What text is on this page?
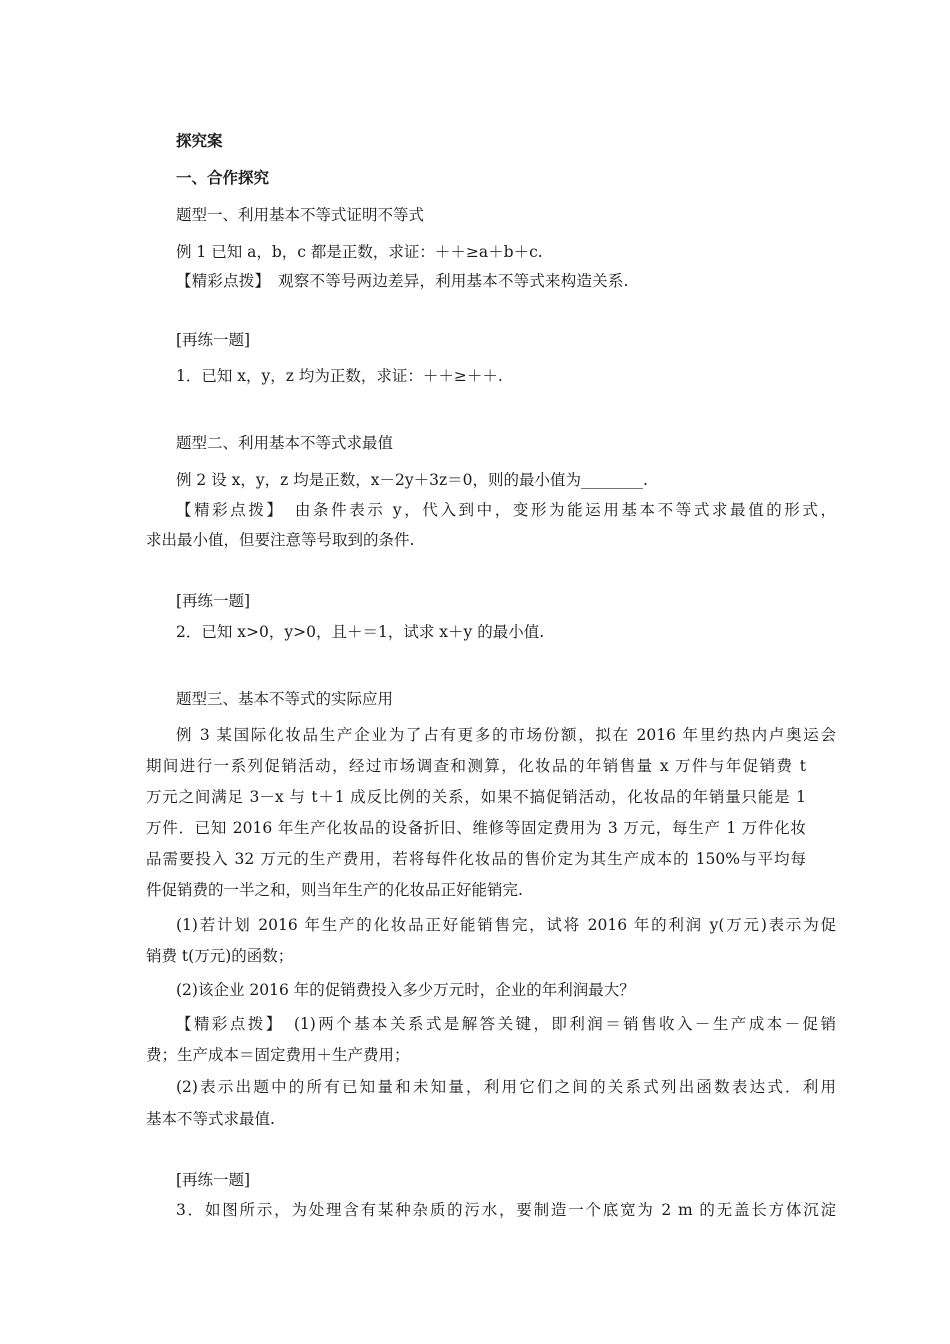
探究案
一、合作探究
题型一、利用基本不等式证明不等式
例 1 已知 a，b，c 都是正数，求证：＋＋≥a＋b＋c.
【精彩点拨】　观察不等号两边差异，利用基本不等式来构造关系.
[再练一题]
1．已知 x，y，z 均为正数，求证：＋＋≥＋＋.
题型二、利用基本不等式求最值
例 2 设 x，y，z 均是正数，x－2y＋3z＝0，则的最小值为________.
【精彩点拨】　由条件表示 y，代入到中，变形为能运用基本不等式求最值的形式，
求出最小值，但要注意等号取到的条件.
[再练一题]
2．已知 x>0，y>0，且＋＝1，试求 x＋y 的最小值.
题型三、基本不等式的实际应用
例 3 某国际化妆品生产企业为了占有更多的市场份额，拟在 2016 年里约热内卢奥运会
期间进行一系列促销活动，经过市场调查和测算，化妆品的年销售量 x 万件与年促销费 t
万元之间满足 3－x 与 t＋1 成反比例的关系，如果不搞促销活动，化妆品的年销量只能是 1
万件．已知 2016 年生产化妆品的设备折旧、维修等固定费用为 3 万元，每生产 1 万件化妆
品需要投入 32 万元的生产费用，若将每件化妆品的售价定为其生产成本的 150%与平均每
件促销费的一半之和，则当年生产的化妆品正好能销完.
(1)若计划 2016 年生产的化妆品正好能销售完，试将 2016 年的利润 y(万元)表示为促
销费 t(万元)的函数；
(2)该企业 2016 年的促销费投入多少万元时，企业的年利润最大？
【精彩点拨】　(1)两个基本关系式是解答关键，即利润＝销售收入－生产成本－促销
费；生产成本＝固定费用＋生产费用；
(2)表示出题中的所有已知量和未知量，利用它们之间的关系式列出函数表达式．利用
基本不等式求最值.
[再练一题]
3．如图所示，为处理含有某种杂质的污水，要制造一个底宽为 2 m 的无盖长方体沉淀
